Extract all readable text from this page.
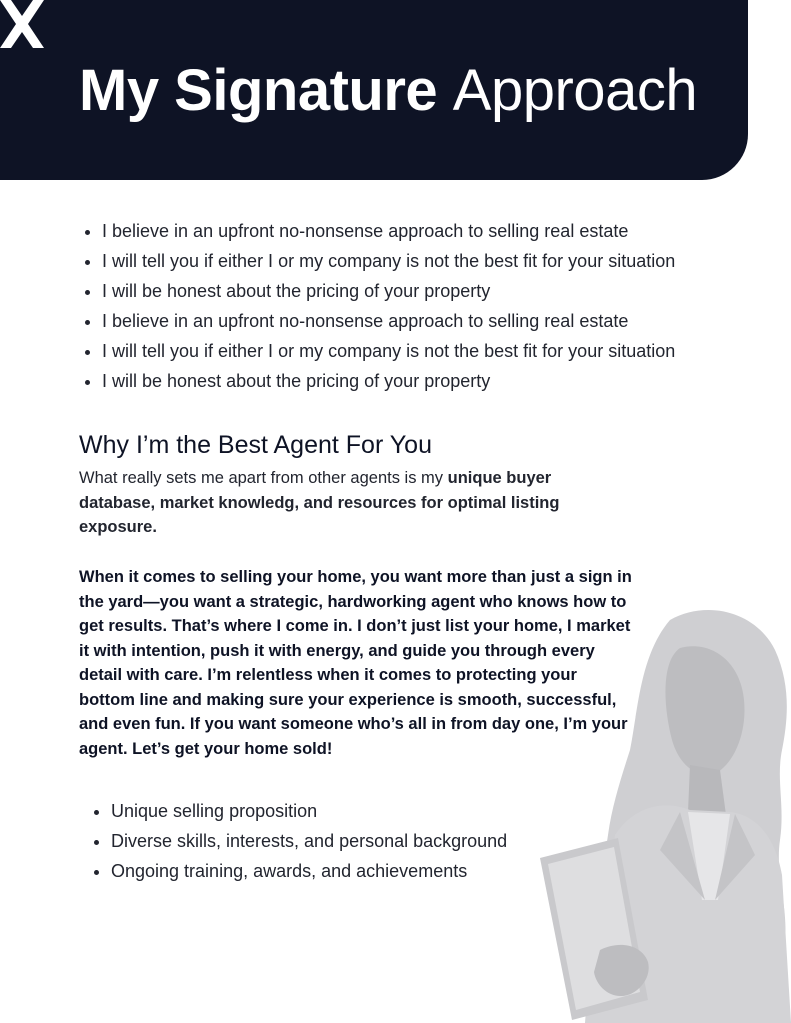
My Signature Approach
• I believe in an upfront no-nonsense approach to selling real estate
• I will tell you if either I or my company is not the best fit for your situation
• I will be honest about the pricing of your property
• I believe in an upfront no-nonsense approach to selling real estate
• I will tell you if either I or my company is not the best fit for your situation
• I will be honest about the pricing of your property
Why I’m the Best Agent For You

What really sets me apart from other agents is my unique buyer database, market knowledg, and resources for optimal listing exposure.

When it comes to selling your home, you want more than just a sign in the yard—you want a strategic, hardworking agent who knows how to get results. That’s where I come in. I don’t just list your home, I market it with intention, push it with energy, and guide you through every detail with care. I’m relentless when it comes to protecting your bottom line and making sure your experience is smooth, successful, and even fun. If you want someone who’s all in from day one, I’m your agent. Let’s get your home sold!

• Unique selling proposition
• Diverse skills, interests, and personal background
• Ongoing training, awards, and achievements
